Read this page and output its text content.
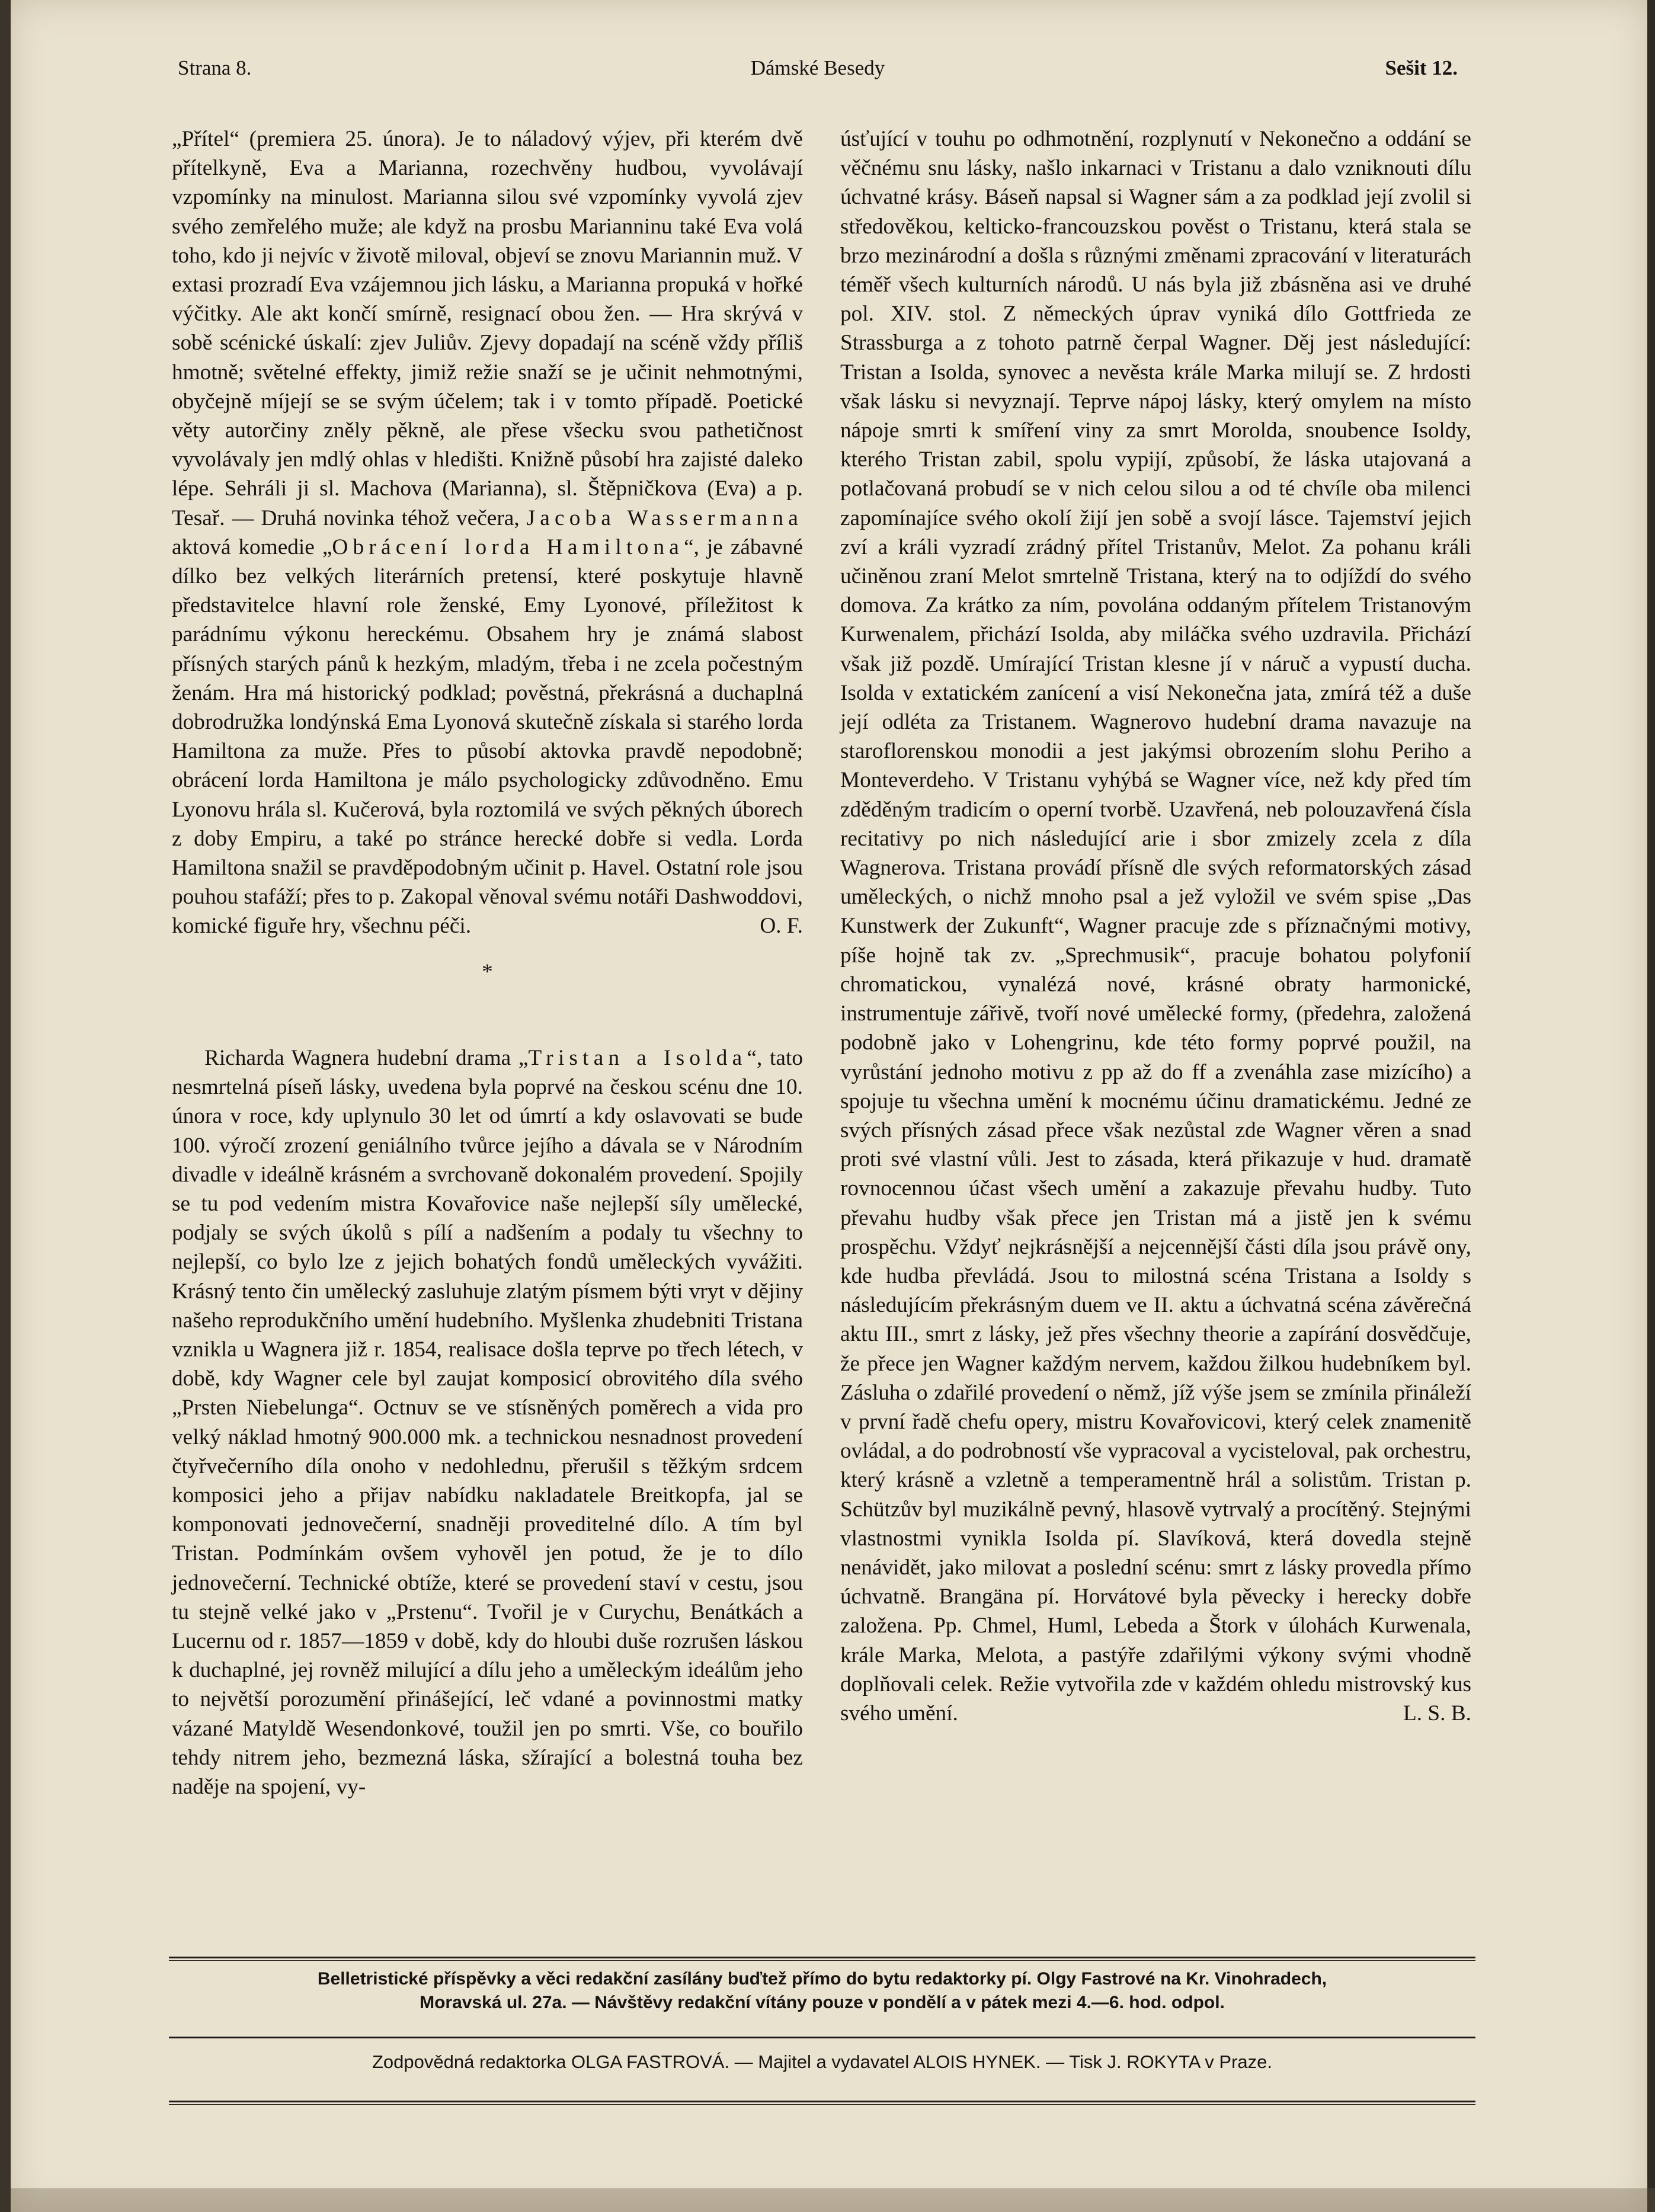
Strana 8.	Dámské Besedy	Sešit 12.

„Přítel“ (premiera 25. února). Je to náladový výjev, při kterém dvě přítelkyně, Eva a Marianna, rozechvěny hudbou, vyvolávají vzpomínky na minulost. Marianna silou své vzpomínky vyvolá zjev svého zemřelého muže; ale když na prosbu Marianninu také Eva volá toho, kdo ji nejvíc v životě miloval, objeví se znovu Mariannin muž. V extasi prozradí Eva vzájemnou jich lásku, a Marianna propuká v hořké výčitky. Ale akt končí smírně, resignací obou žen. — Hra skrývá v sobě scénické úskalí: zjev Juliův. Zjevy dopadají na scéně vždy příliš hmotně; světelné effekty, jimiž režie snaží se je učinit nehmotnými, obyčejně míjejí se se svým účelem; tak i v tomto případě. Poetické věty autorčiny zněly pěkně, ale přese všecku svou pathetičnost vyvolávaly jen mdlý ohlas v hledišti. Knižně působí hra zajisté daleko lépe. Sehráli ji sl. Machova (Marianna), sl. Štěpničkova (Eva) a p. Tesař. — Druhá novinka téhož večera, Jacoba Wassermanna aktová komedie „Obrácení lorda Hamiltona“, je zábavné dílko bez velkých literárních pretensí, které poskytuje hlavně představitelce hlavní role ženské, Emy Lyonové, příležitost k parádnímu výkonu hereckému. Obsahem hry je známá slabost přísných starých pánů k hezkým, mladým, třeba i ne zcela počestným ženám. Hra má historický podklad; pověstná, překrásná a duchaplná dobrodružka londýnská Ema Lyonová skutečně získala si starého lorda Hamiltona za muže. Přes to působí aktovka pravdě nepodobně; obrácení lorda Hamiltona je málo psychologicky zdůvodněno. Emu Lyonovu hrála sl. Kučerová, byla roztomilá ve svých pěkných úborech z doby Empiru, a také po stránce herecké dobře si vedla. Lorda Hamiltona snažil se pravděpodobným učinit p. Havel. Ostatní role jsou pouhou stafáží; přes to p. Zakopal věnoval svému notáři Dashwoddovi, komické figuře hry, všechnu péči.	O. F.

*

Richarda Wagnera hudební drama „Tristan a Isolda“, tato nesmrtelná píseň lásky, uvedena byla poprvé na českou scénu dne 10. února v roce, kdy uplynulo 30 let od úmrtí a kdy oslavovati se bude 100. výročí zrození geniálního tvůrce jejího a dávala se v Národním divadle v ideálně krásném a svrchovaně dokonalém provedení. Spojily se tu pod vedením mistra Kovařovice naše nejlepší síly umělecké, podjaly se svých úkolů s pílí a nadšením a podaly tu všechny to nejlepší, co bylo lze z jejich bohatých fondů uměleckých vyvážiti. Krásný tento čin umělecký zasluhuje zlatým písmem býti vryt v dějiny našeho reprodukčního umění hudebního. Myšlenka zhudebniti Tristana vznikla u Wagnera již r. 1854, realisace došla teprve po třech létech, v době, kdy Wagner cele byl zaujat komposicí obrovitého díla svého „Prsten Niebelunga“. Octnuv se ve stísněných poměrech a vida pro velký náklad hmotný 900.000 mk. a technickou nesnadnost provedení čtyřvečerního díla onoho v nedohlednu, přerušil s těžkým srdcem komposici jeho a přijav nabídku nakladatele Breitkopfa, jal se komponovati jednovečerní, snadněji proveditelné dílo. A tím byl Tristan. Podmínkám ovšem vyhověl jen potud, že je to dílo jednovečerní. Technické obtíže, které se provedení staví v cestu, jsou tu stejně velké jako v „Prstenu“. Tvořil je v Curychu, Benátkách a Lucernu od r. 1857—1859 v době, kdy do hloubi duše rozrušen láskou k duchaplné, jej rovněž milující a dílu jeho a uměleckým ideálům jeho to největší porozumění přinášející, leč vdané a povinnostmi matky vázané Matyldě Wesendonkové, toužil jen po smrti. Vše, co bouřilo tehdy nitrem jeho, bezmezná láska, sžírající a bolestná touha bez naděje na spojení, vy-

úsťující v touhu po odhmotnění, rozplynutí v Nekonečno a oddání se věčnému snu lásky, našlo inkarnaci v Tristanu a dalo vzniknouti dílu úchvatné krásy. Báseň napsal si Wagner sám a za podklad její zvolil si středověkou, kelticko-francouzskou pověst o Tristanu, která stala se brzo mezinárodní a došla s různými změnami zpracování v literaturách téměř všech kulturních národů. U nás byla již zbásněna asi ve druhé pol. XIV. stol. Z německých úprav vyniká dílo Gottfrieda ze Strassburga a z tohoto patrně čerpal Wagner. Děj jest následující: Tristan a Isolda, synovec a nevěsta krále Marka milují se. Z hrdosti však lásku si nevyznají. Teprve nápoj lásky, který omylem na místo nápoje smrti k smíření viny za smrt Morolda, snoubence Isoldy, kterého Tristan zabil, spolu vypijí, způsobí, že láska utajovaná a potlačovaná probudí se v nich celou silou a od té chvíle oba milenci zapomínajíce svého okolí žijí jen sobě a svojí lásce. Tajemství jejich zví a králi vyzradí zrádný přítel Tristanův, Melot. Za pohanu králi učiněnou zraní Melot smrtelně Tristana, který na to odjíždí do svého domova. Za krátko za ním, povolána oddaným přítelem Tristanovým Kurwenalem, přichází Isolda, aby miláčka svého uzdravila. Přichází však již pozdě. Umírající Tristan klesne jí v náruč a vypustí ducha. Isolda v extatickém zanícení a visí Nekonečna jata, zmírá též a duše její odléta za Tristanem. Wagnerovo hudební drama navazuje na staroflorenskou monodii a jest jakýmsi obrozením slohu Periho a Monteverdeho. V Tristanu vyhýbá se Wagner více, než kdy před tím zděděným tradicím o operní tvorbě. Uzavřená, neb polouzavřená čísla recitativy po nich následující arie i sbor zmizely zcela z díla Wagnerova. Tristana provádí přísně dle svých reformatorských zásad uměleckých, o nichž mnoho psal a jež vyložil ve svém spise „Das Kunstwerk der Zukunft“, Wagner pracuje zde s příznačnými motivy, píše hojně tak zv. „Sprechmusik“, pracuje bohatou polyfonií chromatickou, vynalézá nové, krásné obraty harmonické, instrumentuje zářivě, tvoří nové umělecké formy, (předehra, založená podobně jako v Lohengrinu, kde této formy poprvé použil, na vyrůstání jednoho motivu z pp až do ff a zvenáhla zase mizícího) a spojuje tu všechna umění k mocnému účinu dramatickému. Jedné ze svých přísných zásad přece však nezůstal zde Wagner věren a snad proti své vlastní vůli. Jest to zásada, která přikazuje v hud. dramatě rovnocennou účast všech umění a zakazuje převahu hudby. Tuto převahu hudby však přece jen Tristan má a jistě jen k svému prospěchu. Vždyť nejkrásnější a nejcennější části díla jsou právě ony, kde hudba převládá. Jsou to milostná scéna Tristana a Isoldy s následujícím překrásným duem ve II. aktu a úchvatná scéna závěrečná aktu III., smrt z lásky, jež přes všechny theorie a zapírání dosvědčuje, že přece jen Wagner každým nervem, každou žilkou hudebníkem byl. Zásluha o zdařilé provedení o němž, jíž výše jsem se zmínila přináleží v první řadě chefu opery, mistru Kovařovicovi, který celek znamenitě ovládal, a do podrobností vše vypracoval a vycisteloval, pak orchestru, který krásně a vzletně a temperamentně hrál a solistům. Tristan p. Schützův byl muzikálně pevný, hlasově vytrvalý a procítěný. Stejnými vlastnostmi vynikla Isolda pí. Slavíková, která dovedla stejně nenávidět, jako milovat a poslední scénu: smrt z lásky provedla přímo úchvatně. Brangäna pí. Horvátové byla pěvecky i herecky dobře založena. Pp. Chmel, Huml, Lebeda a Štork v úlohách Kurwenala, krále Marka, Melota, a pastýře zdařilými výkony svými vhodně doplňovali celek. Režie vytvořila zde v každém ohledu mistrovský kus svého umění.	L. S. B.

Belletristické příspěvky a věci redakční zasílány buďtež přímo do bytu redaktorky pí. Olgy Fastrové na Kr. Vinohradech,
Moravská ul. 27a. — Návštěvy redakční vítány pouze v pondělí a v pátek mezi 4.—6. hod. odpol.
Zodpovědná redaktorka OLGA FASTROVÁ. — Majitel a vydavatel ALOIS HYNEK. — Tisk J. ROKYTA v Praze.
